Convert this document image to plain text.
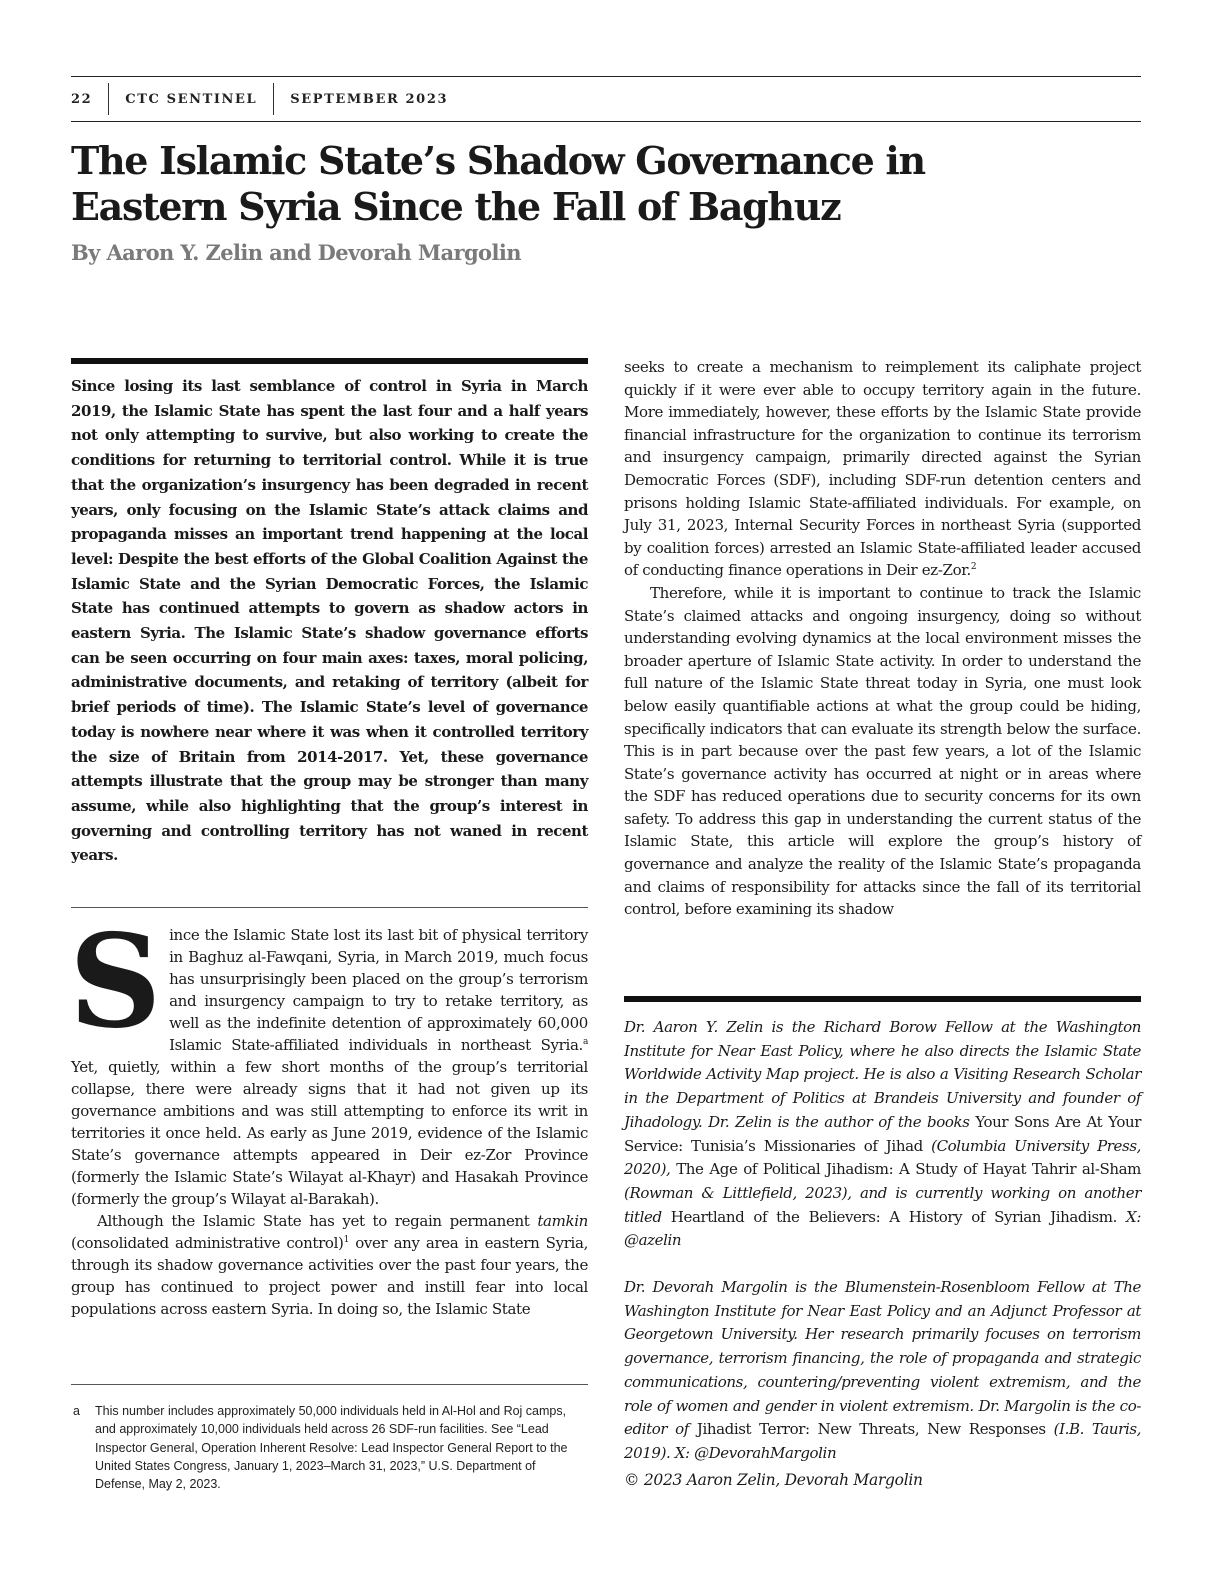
22	CTC SENTINEL	SEPTEMBER 2023
The Islamic State’s Shadow Governance in
Eastern Syria Since the Fall of Baghuz

By Aaron Y. Zelin and Devorah Margolin

Since losing its last semblance of control in Syria in March 2019, the Islamic State has spent the last four and a half years not only attempting to survive, but also working to create the conditions for returning to territorial control. While it is true that the organization’s insurgency has been degraded in recent years, only focusing on the Islamic State’s attack claims and propaganda misses an important trend happening at the local level: Despite the best efforts of the Global Coalition Against the Islamic State and the Syrian Democratic Forces, the Islamic State has continued attempts to govern as shadow actors in eastern Syria. The Islamic State’s shadow governance efforts can be seen occurring on four main axes: taxes, moral policing, administrative documents, and retaking of territory (albeit for brief periods of time). The Islamic State’s level of governance today is nowhere near where it was when it controlled territory the size of Britain from 2014-2017. Yet, these governance attempts illustrate that the group may be stronger than many assume, while also highlighting that the group’s interest in governing and controlling territory has not waned in recent years.

Since the Islamic State lost its last bit of physical territory in Baghuz al-Fawqani, Syria, in March 2019, much focus has unsurprisingly been placed on the group’s terrorism and insurgency campaign to try to retake territory, as well as the indefinite detention of approximately 60,000 Islamic State-affiliated individuals in northeast Syria.$^a$ Yet, quietly, within a few short months of the group’s territorial collapse, there were already signs that it had not given up its governance ambitions and was still attempting to enforce its writ in territories it once held. As early as June 2019, evidence of the Islamic State’s governance attempts appeared in Deir ez-Zor Province (formerly the Islamic State’s Wilayat al-Khayr) and Hasakah Province (formerly the group’s Wilayat al-Barakah).

Although the Islamic State has yet to regain permanent tamkin (consolidated administrative control)$^1$ over any area in eastern Syria, through its shadow governance activities over the past four years, the group has continued to project power and instill fear into local populations across eastern Syria. In doing so, the Islamic State

seeks to create a mechanism to reimplement its caliphate project quickly if it were ever able to occupy territory again in the future. More immediately, however, these efforts by the Islamic State provide financial infrastructure for the organization to continue its terrorism and insurgency campaign, primarily directed against the Syrian Democratic Forces (SDF), including SDF-run detention centers and prisons holding Islamic State-affiliated individuals. For example, on July 31, 2023, Internal Security Forces in northeast Syria (supported by coalition forces) arrested an Islamic State-affiliated leader accused of conducting finance operations in Deir ez-Zor.$^2$

Therefore, while it is important to continue to track the Islamic State’s claimed attacks and ongoing insurgency, doing so without understanding evolving dynamics at the local environment misses the broader aperture of Islamic State activity. In order to understand the full nature of the Islamic State threat today in Syria, one must look below easily quantifiable actions at what the group could be hiding, specifically indicators that can evaluate its strength below the surface. This is in part because over the past few years, a lot of the Islamic State’s governance activity has occurred at night or in areas where the SDF has reduced operations due to security concerns for its own safety. To address this gap in understanding the current status of the Islamic State, this article will explore the group’s history of governance and analyze the reality of the Islamic State’s propaganda and claims of responsibility for attacks since the fall of its territorial control, before examining its shadow

Dr. Aaron Y. Zelin is the Richard Borow Fellow at the Washington Institute for Near East Policy, where he also directs the Islamic State Worldwide Activity Map project. He is also a Visiting Research Scholar in the Department of Politics at Brandeis University and founder of Jihadology. Dr. Zelin is the author of the books Your Sons Are At Your Service: Tunisia’s Missionaries of Jihad (Columbia University Press, 2020), The Age of Political Jihadism: A Study of Hayat Tahrir al-Sham (Rowman & Littlefield, 2023), and is currently working on another titled Heartland of the Believers: A History of Syrian Jihadism. X: @azelin

Dr. Devorah Margolin is the Blumenstein-Rosenbloom Fellow at The Washington Institute for Near East Policy and an Adjunct Professor at Georgetown University. Her research primarily focuses on terrorism governance, terrorism financing, the role of propaganda and strategic communications, countering/preventing violent extremism, and the role of women and gender in violent extremism. Dr. Margolin is the co-editor of Jihadist Terror: New Threats, New Responses (I.B. Tauris, 2019). X: @DevorahMargolin

© 2023 Aaron Zelin, Devorah Margolin
a	This number includes approximately 50,000 individuals held in Al-Hol and Roj camps, and approximately 10,000 individuals held across 26 SDF-run facilities. See “Lead Inspector General, Operation Inherent Resolve: Lead Inspector General Report to the United States Congress, January 1, 2023–March 31, 2023,” U.S. Department of Defense, May 2, 2023.
